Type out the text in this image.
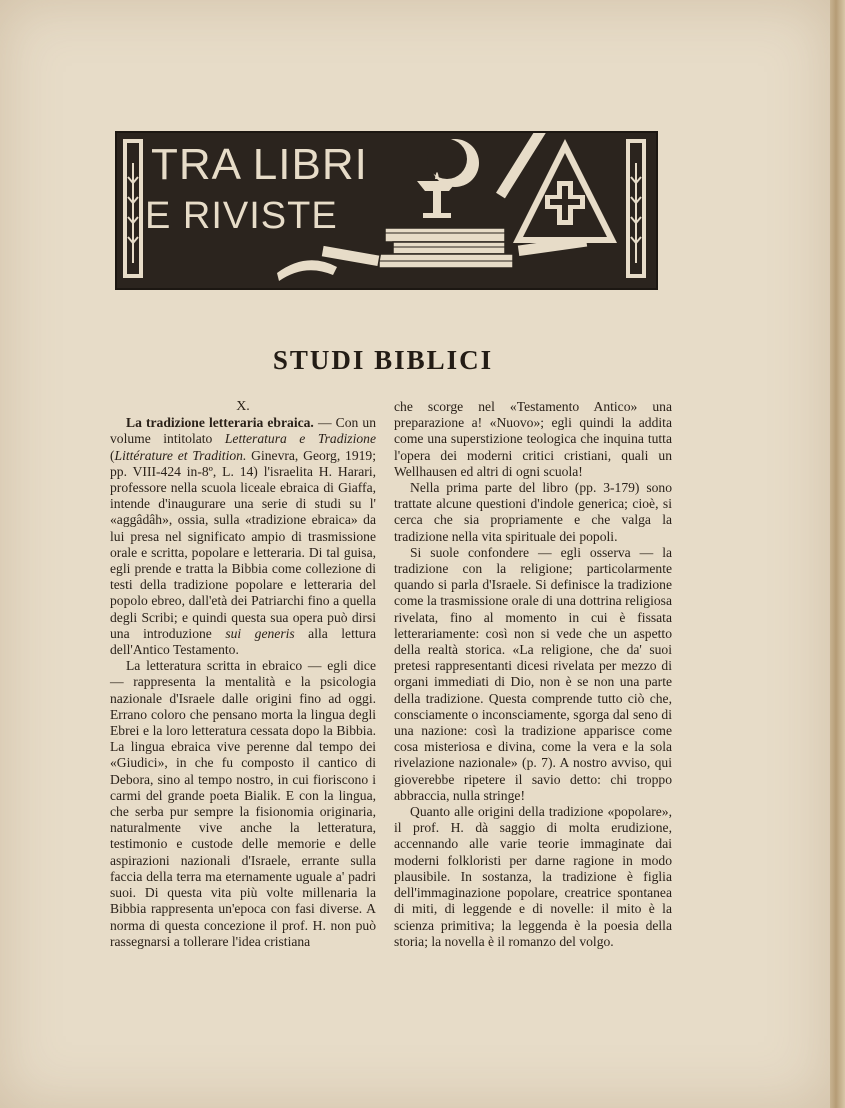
TRA LIBRI
E RIVISTE
STUDI BIBLICI

X.

La tradizione letteraria ebraica. — Con un volume intitolato Letteratura e Tradizione (Littérature et Tradition. Ginevra, Georg, 1919; pp. VIII-424 in-8º, L. 14) l'israelita H. Harari, professore nella scuola liceale ebraica di Giaffa, intende d'inaugurare una serie di studi su l' «aggâdâh», ossia, sulla «tradizione ebraica» da lui presa nel significato ampio di trasmissione orale e scritta, popolare e letteraria. Di tal guisa, egli prende e tratta la Bibbia come collezione di testi della tradizione popolare e letteraria del popolo ebreo, dall'età dei Patriarchi fino a quella degli Scribi; e quindi questa sua opera può dirsi una introduzione sui generis alla lettura dell'Antico Testamento.

La letteratura scritta in ebraico — egli dice — rappresenta la mentalità e la psicologia nazionale d'Israele dalle origini fino ad oggi. Errano coloro che pensano morta la lingua degli Ebrei e la loro letteratura cessata dopo la Bibbia. La lingua ebraica vive perenne dal tempo dei «Giudici», in che fu composto il cantico di Debora, sino al tempo nostro, in cui fioriscono i carmi del grande poeta Bialik. E con la lingua, che serba pur sempre la fisionomia originaria, naturalmente vive anche la letteratura, testimonio e custode delle memorie e delle aspirazioni nazionali d'Israele, errante sulla faccia della terra ma eternamente uguale a' padri suoi. Di questa vita più volte millenaria la Bibbia rappresenta un'epoca con fasi diverse. A norma di questa concezione il prof. H. non può rassegnarsi a tollerare l'idea cristiana

che scorge nel «Testamento Antico» una preparazione a! «Nuovo»; egli quindi la addita come una superstizione teologica che inquina tutta l'opera dei moderni critici cristiani, quali un Wellhausen ed altri di ogni scuola!

Nella prima parte del libro (pp. 3-179) sono trattate alcune questioni d'indole generica; cioè, si cerca che sia propriamente e che valga la tradizione nella vita spirituale dei popoli.

Si suole confondere — egli osserva — la tradizione con la religione; particolarmente quando si parla d'Israele. Si definisce la tradizione come la trasmissione orale di una dottrina religiosa rivelata, fino al momento in cui è fissata letterariamente: così non si vede che un aspetto della realtà storica. «La religione, che da' suoi pretesi rappresentanti dicesi rivelata per mezzo di organi immediati di Dio, non è se non una parte della tradizione. Questa comprende tutto ciò che, consciamente o inconsciamente, sgorga dal seno di una nazione: così la tradizione apparisce come cosa misteriosa e divina, come la vera e la sola rivelazione nazionale» (p. 7). A nostro avviso, qui gioverebbe ripetere il savio detto: chi troppo abbraccia, nulla stringe!

Quanto alle origini della tradizione «popolare», il prof. H. dà saggio di molta erudizione, accennando alle varie teorie immaginate dai moderni folkloristi per darne ragione in modo plausibile. In sostanza, la tradizione è figlia dell'immaginazione popolare, creatrice spontanea di miti, di leggende e di novelle: il mito è la scienza primitiva; la leggenda è la poesia della storia; la novella è il romanzo del volgo.
